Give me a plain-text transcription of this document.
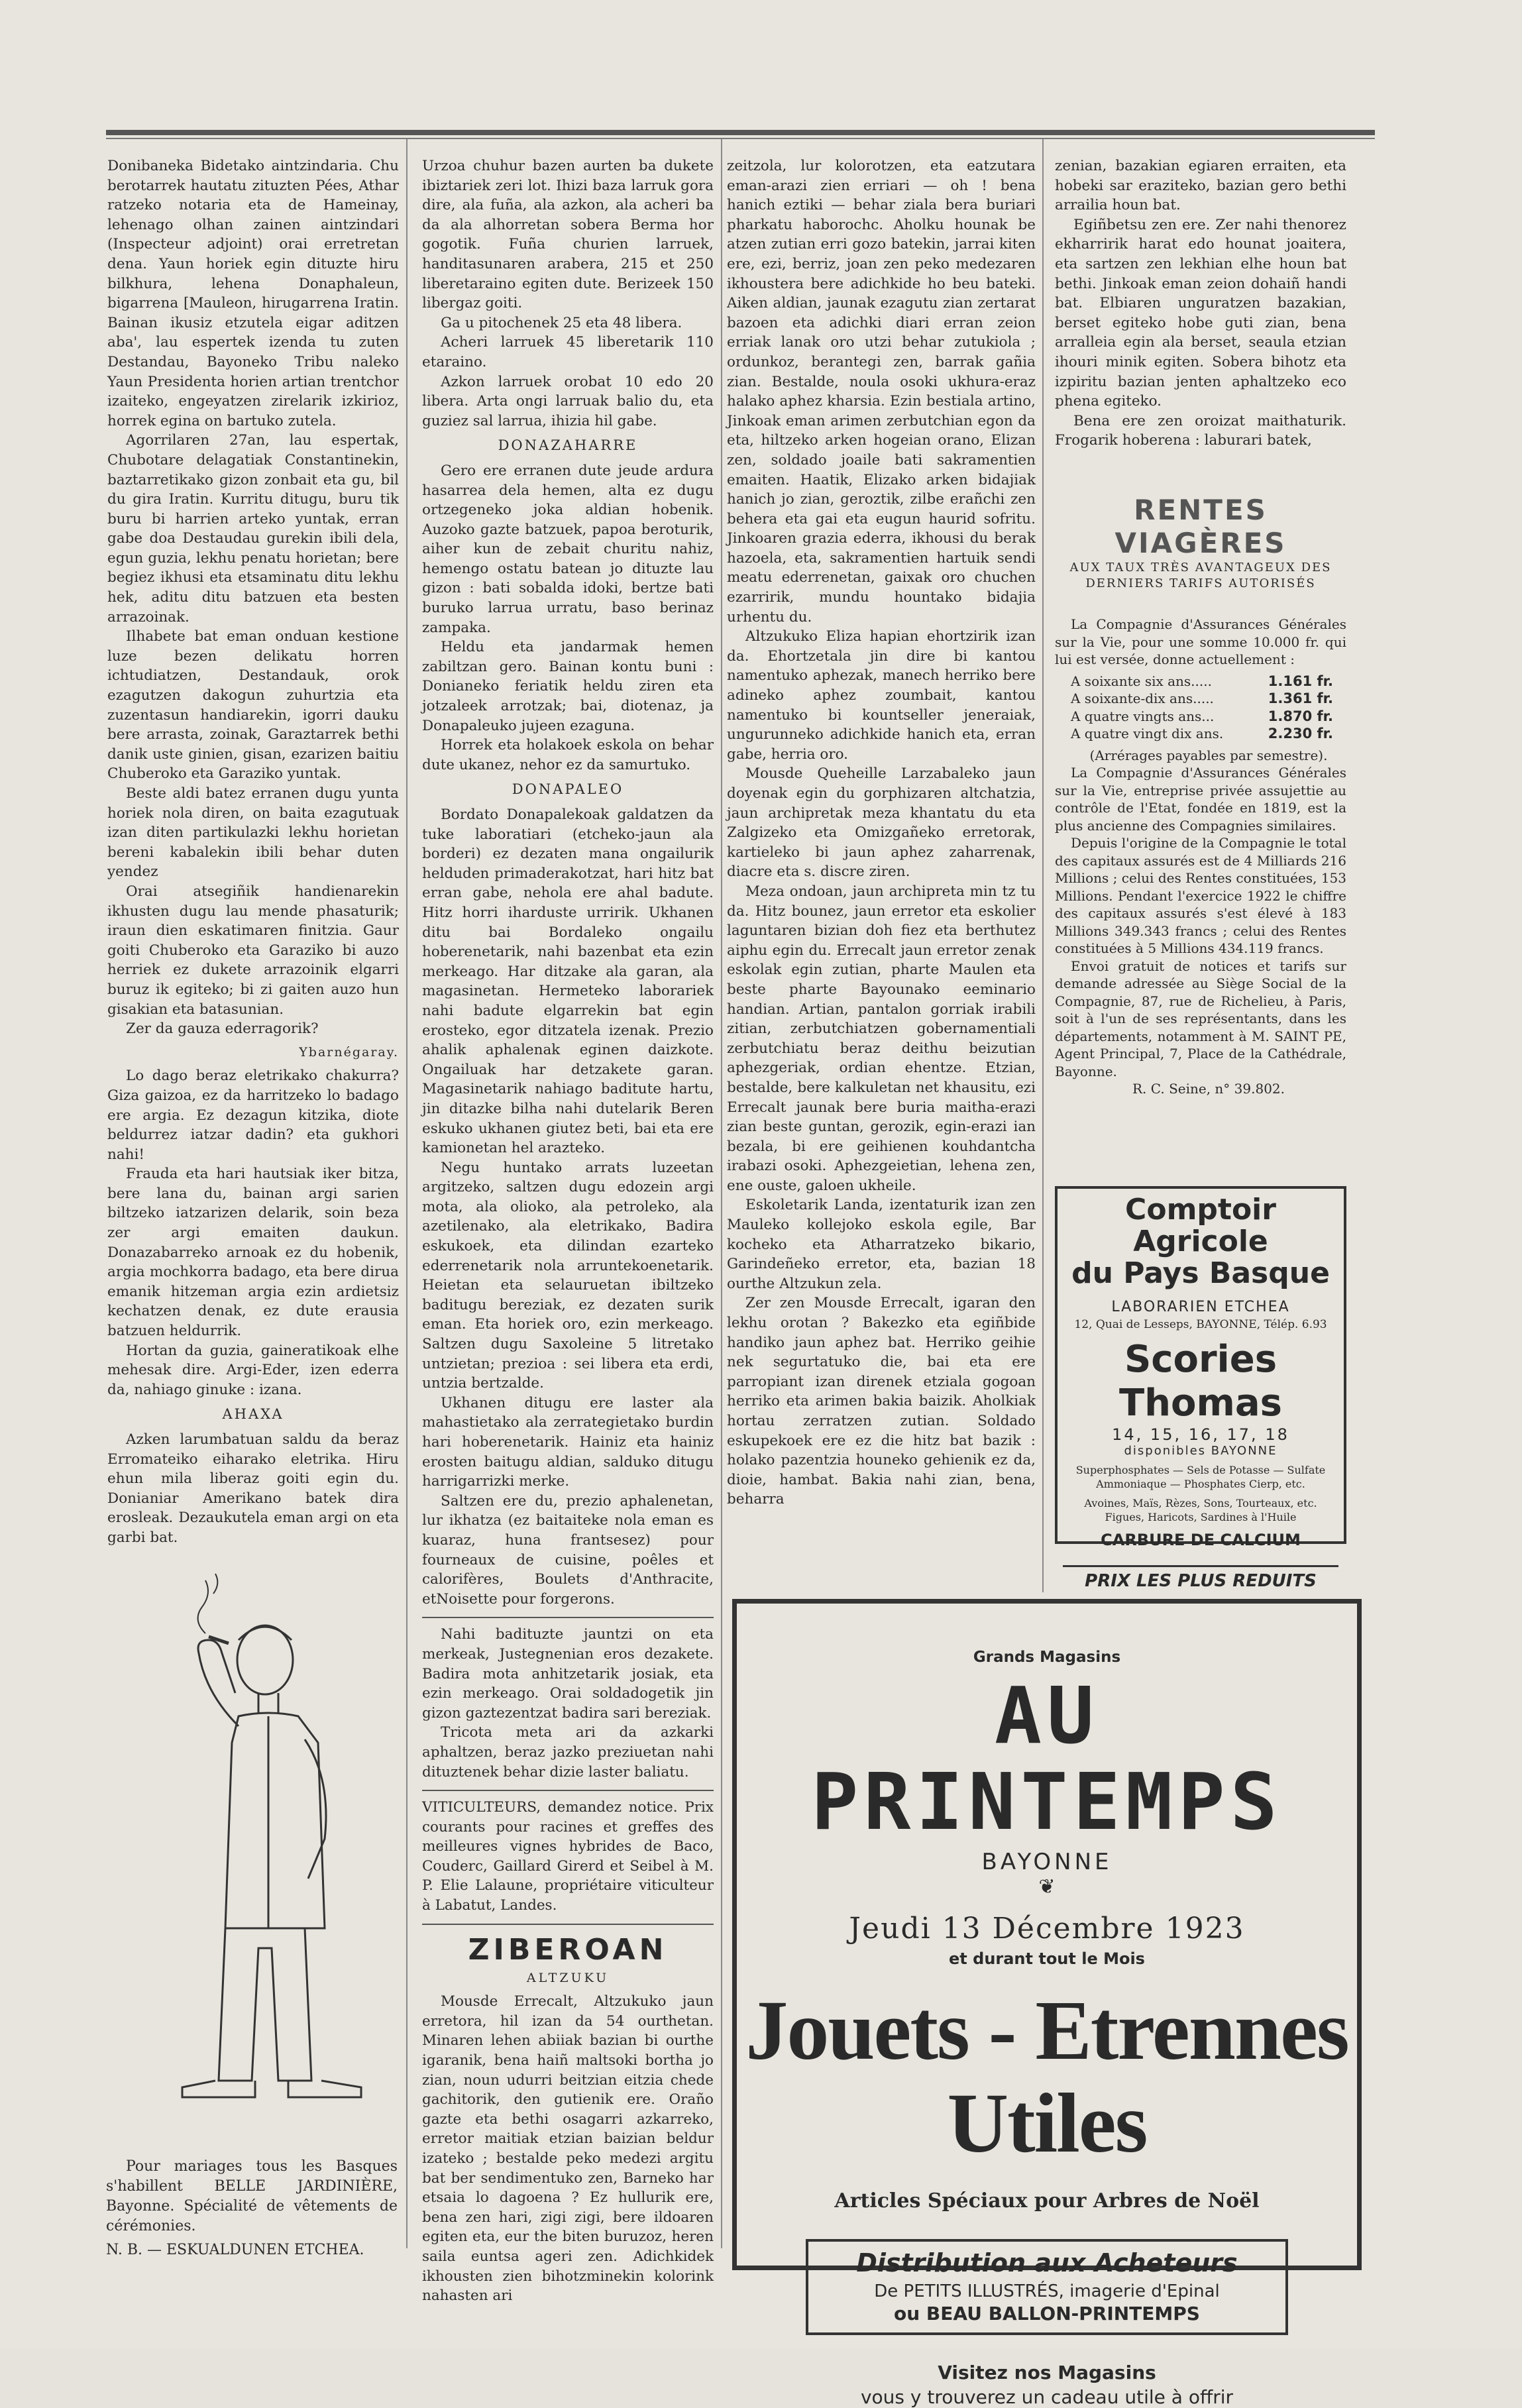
Donibaneka Bidetako aintzindaria. Chu berotarrek hautatu zituzten Pées, Athar ratzeko notaria eta de Hameinay, lehenago olhan zainen aintzindari (Inspecteur adjoint) orai erretretan dena. Yaun horiek egin dituzte hiru bilkhura, lehena Donaphaleun, bigarrena [Mauleon, hirugarrena Iratin. Bainan ikusiz etzutela eigar aditzen aba', lau espertek izenda tu zuten Destandau, Bayoneko Tribu naleko Yaun Presidenta horien artian trentchor izaiteko, engeyatzen zirelarik izkirioz, horrek egina on bartuko zutela.

Agorrilaren 27an, lau espertak, Chubotare delagatiak Constantinekin, baztarretikako gizon zonbait eta gu, bil du gira Iratin. Kurritu ditugu, buru tik buru bi harrien arteko yuntak, erran gabe doa Destaudau gurekin ibili dela, egun guzia, lekhu penatu horietan; bere begiez ikhusi eta etsaminatu ditu lekhu hek, aditu ditu batzuen eta besten arrazoinak.

Ilhabete bat eman onduan kestione luze bezen delikatu horren ichtudiatzen, Destandauk, orok ezagutzen dakogun zuhurtzia eta zuzentasun handiarekin, igorri dauku bere arrasta, zoinak, Garaztarrek bethi danik uste ginien, gisan, ezarizen baitiu Chuberoko eta Garaziko yuntak.

Beste aldi batez erranen dugu yunta horiek nola diren, on baita ezagutuak izan diten partikulazki lekhu horietan bereni kabalekin ibili behar duten yendez

Orai atsegiñik handienarekin ikhusten dugu lau mende phasaturik; iraun dien eskatimaren finitzia. Gaur goiti Chuberoko eta Garaziko bi auzo herriek ez dukete arrazoinik elgarri buruz ik egiteko; bi zi gaiten auzo hun gisakian eta batasunian.

Zer da gauza ederragorik?

Ybarnégaray.

Lo dago beraz eletrikako chakurra? Giza gaizoa, ez da harritzeko lo badago ere argia. Ez dezagun kitzika, diote beldurrez iatzar dadin? eta gukhori nahi!

Frauda eta hari hautsiak iker bitza, bere lana du, bainan argi sarien biltzeko iatzarizen delarik, soin beza zer argi emaiten daukun. Donazabarreko arnoak ez du hobenik, argia mochkorra badago, eta bere dirua emanik hitzeman argia ezin ardietsiz kechatzen denak, ez dute erausia batzuen heldurrik.

Hortan da guzia, gaineratikoak elhe mehesak dire. Argi-Eder, izen ederra da, nahiago ginuke : izana.

AHAXA

Azken larumbatuan saldu da beraz Erromateiko eiharako eletrika. Hiru ehun mila liberaz goiti egin du. Donianiar Amerikano batek dira erosleak. Dezaukutela eman argi on eta garbi bat.

Pour mariages tous les Basques s'habillent BELLE JARDINIÈRE, Bayonne. Spécialité de vêtements de cérémonies.

N. B. — ESKUALDUNEN ETCHEA.

Urzoa chuhur bazen aurten ba dukete ibiztariek zeri lot. Ihizi baza larruk gora dire, ala fuña, ala azkon, ala acheri ba da ala alhorretan sobera Berma hor gogotik. Fuña churien larruek, handitasunaren arabera, 215 et 250 liberetaraino egiten dute. Berizeek 150 libergaz goiti.

Ga u pitochenek 25 eta 48 libera.

Acheri larruek 45 liberetarik 110 etaraino.

Azkon larruek orobat 10 edo 20 libera. Arta ongi larruak balio du, eta guziez sal larrua, ihizia hil gabe.

DONAZAHARRE

Gero ere erranen dute jeude ardura hasarrea dela hemen, alta ez dugu ortzegeneko joka aldian hobenik. Auzoko gazte batzuek, papoa beroturik, aiher kun de zebait churitu nahiz, hemengo ostatu batean jo dituzte lau gizon : bati sobalda idoki, bertze bati buruko larrua urratu, baso berinaz zampaka.

Heldu eta jandarmak hemen zabiltzan gero. Bainan kontu buni : Donianeko feriatik heldu ziren eta jotzaleek arrotzak; bai, diotenaz, ja Donapaleuko jujeen ezaguna.

Horrek eta holakoek eskola on behar dute ukanez, nehor ez da samurtuko.

DONAPALEO

Bordato Donapalekoak galdatzen da tuke laboratiari (etcheko-jaun ala borderi) ez dezaten mana ongailurik helduden primaderakotzat, hari hitz bat erran gabe, nehola ere ahal badute. Hitz horri iharduste urririk. Ukhanen ditu bai Bordaleko ongailu hoberenetarik, nahi bazenbat eta ezin merkeago. Har ditzake ala garan, ala magasinetan. Hermeteko laborariek nahi badute elgarrekin bat egin erosteko, egor ditzatela izenak. Prezio ahalik aphalenak eginen daizkote. Ongailuak har detzakete garan. Magasinetarik nahiago baditute hartu, jin ditazke bilha nahi dutelarik Beren eskuko ukhanen giutez beti, bai eta ere kamionetan hel arazteko.

Negu huntako arrats luzeetan argitzeko, saltzen dugu edozein argi mota, ala olioko, ala petroleko, ala azetilenako, ala eletrikako, Badira eskukoek, eta dilindan ezarteko ederrenetarik nola arruntekoenetarik. Heietan eta selauruetan ibiltzeko baditugu bereziak, ez dezaten surik eman. Eta horiek oro, ezin merkeago. Saltzen dugu Saxoleine 5 litretako untzietan; prezioa : sei libera eta erdi, untzia bertzalde.

Ukhanen ditugu ere laster ala mahastietako ala zerrategietako burdin hari hoberenetarik. Hainiz eta hainiz erosten baitugu aldian, salduko ditugu harrigarrizki merke.

Saltzen ere du, prezio aphalenetan, lur ikhatza (ez baitaiteke nola eman es kuaraz, huna frantsesez) pour fourneaux de cuisine, poêles et calorifères, Boulets d'Anthracite, etNoisette pour forgerons.

Nahi badituzte jauntzi on eta merkeak, Justegnenian eros dezakete. Badira mota anhitzetarik josiak, eta ezin merkeago. Orai soldadogetik jin gizon gaztezentzat badira sari bereziak.

Tricota meta ari da azkarki aphaltzen, beraz jazko preziuetan nahi dituztenek behar dizie laster baliatu.

VITICULTEURS, demandez notice. Prix courants pour racines et greffes des meilleures vignes hybrides de Baco, Couderc, Gaillard Girerd et Seibel à M. P. Elie Lalaune, propriétaire viticulteur à Labatut, Landes.

ZIBEROAN

ALTZUKU

Mousde Errecalt, Altzukuko jaun erretora, hil izan da 54 ourthetan. Minaren lehen abiiak bazian bi ourthe igaranik, bena haiñ maltsoki bortha jo zian, noun udurri beitzian eitzia chede gachitorik, den gutienik ere. Oraño gazte eta bethi osagarri azkarreko, erretor maitiak etzian baizian beldur izateko ; bestalde peko medezi argitu bat ber sendimentuko zen, Barneko har etsaia lo dagoena ? Ez hullurik ere, bena zen hari, zigi zigi, bere ildoaren egiten eta, eur the biten buruzoz, heren saila euntsa ageri zen. Adichkidek ikhousten zien bihotzminekin kolorink nahasten ari

zeitzola, lur kolorotzen, eta eatzutara eman-arazi zien erriari — oh ! bena hanich eztiki — behar ziala bera buriari pharkatu haborochc. Aholku hounak be atzen zutian erri gozo batekin, jarrai kiten ere, ezi, berriz, joan zen peko medezaren ikhoustera bere adichkide ho beu bateki. Aiken aldian, jaunak ezagutu zian zertarat bazoen eta adichki diari erran zeion erriak lanak oro utzi behar zutukiola ; ordunkoz, berantegi zen, barrak gañia zian. Bestalde, noula osoki ukhura-eraz halako aphez kharsia. Ezin bestiala artino, Jinkoak eman arimen zerbutchian egon da eta, hiltzeko arken hogeian orano, Elizan zen, soldado joaile bati sakramentien emaiten. Haatik, Elizako arken bidajiak hanich jo zian, geroztik, zilbe erañchi zen behera eta gai eta eugun haurid sofritu. Jinkoaren grazia ederra, ikhousi du berak hazoela, eta, sakramentien hartuik sendi meatu ederrenetan, gaixak oro chuchen ezarririk, mundu hountako bidajia urhentu du.

Altzukuko Eliza hapian ehortzirik izan da. Ehortzetala jin dire bi kantou namentuko aphezak, manech herriko bere adineko aphez zoumbait, kantou namentuko bi kountseller jeneraiak, ungurunneko adichkide hanich eta, erran gabe, herria oro.

Mousde Queheille Larzabaleko jaun doyenak egin du gorphizaren altchatzia, jaun archipretak meza khantatu du eta Zalgizeko eta Omizgañeko erretorak, kartieleko bi jaun aphez zaharrenak, diacre eta s. discre ziren.

Meza ondoan, jaun archipreta min tz tu da. Hitz bounez, jaun erretor eta eskolier laguntaren bizian doh fiez eta berthutez aiphu egin du. Errecalt jaun erretor zenak eskolak egin zutian, pharte Maulen eta beste pharte Bayounako eeminario handian. Artian, pantalon gorriak irabili zitian, zerbutchiatzen gobernamentiali zerbutchiatu beraz deithu beizutian aphezgeriak, ordian ehentze. Etzian, bestalde, bere kalkuletan net khausitu, ezi Errecalt jaunak bere buria maitha-erazi zian beste guntan, gerozik, egin-erazi ian bezala, bi ere geihienen kouhdantcha irabazi osoki. Aphezgeietian, lehena zen, ene ouste, galoen ukheile.

Eskoletarik Landa, izentaturik izan zen Mauleko kollejoko eskola egile, Bar kocheko eta Atharratzeko bikario, Garindeñeko erretor, eta, bazian 18 ourthe Altzukun zela.

Zer zen Mousde Errecalt, igaran den lekhu orotan ? Bakezko eta egiñbide handiko jaun aphez bat. Herriko geihie nek segurtatuko die, bai eta ere parropiant izan direnek etziala gogoan herriko eta arimen bakia baizik. Aholkiak hortau zerratzen zutian. Soldado eskupekoek ere ez die hitz bat bazik : holako pazentzia houneko gehienik ez da, dioie, hambat. Bakia nahi zian, bena, beharra

zenian, bazakian egiaren erraiten, eta hobeki sar eraziteko, bazian gero bethi arrailia houn bat.

Egiñbetsu zen ere. Zer nahi thenorez ekharririk harat edo hounat joaitera, eta sartzen zen lekhian elhe houn bat bethi. Jinkoak eman zeion dohaiñ handi bat. Elbiaren unguratzen bazakian, berset egiteko hobe guti zian, bena arralleia egin ala berset, seaula etzian ihouri minik egiten. Sobera bihotz eta izpiritu bazian jenten aphaltzeko eco phena egiteko.

Bena ere zen oroizat maithaturik. Frogarik hoberena : laburari batek,

RENTES VIAGÈRES
AUX TAUX TRÈS AVANTAGEUX DES
DERNIERS TARIFS AUTORISÉS

La Compagnie d'Assurances Générales sur la Vie, pour une somme 10.000 fr. qui lui est versée, donne actuellement :

A soixante six ans.....	1.161 fr.
A soixante-dix ans.....	1.361 fr.
A quatre vingts ans...	1.870 fr.
A quatre vingt dix ans.	2.230 fr.

(Arrérages payables par semestre).

La Compagnie d'Assurances Générales sur la Vie, entreprise privée assujettie au contrôle de l'Etat, fondée en 1819, est la plus ancienne des Compagnies similaires.

Depuis l'origine de la Compagnie le total des capitaux assurés est de 4 Milliards 216 Millions ; celui des Rentes constituées, 153 Millions. Pendant l'exercice 1922 le chiffre des capitaux assurés s'est élevé à 183 Millions 349.343 francs ; celui des Rentes constituées à 5 Millions 434.119 francs.

Envoi gratuit de notices et tarifs sur demande adressée au Siège Social de la Compagnie, 87, rue de Richelieu, à Paris, soit à l'un de ses représentants, dans les départements, notamment à M. SAINT PE, Agent Principal, 7, Place de la Cathédrale, Bayonne.

R. C. Seine, n° 39.802.

Comptoir Agricole
du Pays Basque
LABORARIEN ETCHEA
12, Quai de Lesseps, BAYONNE, Télép. 6.93
Scories Thomas
14, 15, 16, 17, 18
disponibles BAYONNE
Superphosphates — Sels de Potasse — Sulfate Ammoniaque — Phosphates Cierp, etc.
Avoines, Maïs, Rèzes, Sons, Tourteaux, etc.
Figues, Haricots, Sardines à l'Huile
CARBURE DE CALCIUM
PRIX LES PLUS REDUITS
Grands Magasins
AU PRINTEMPS
BAYONNE
❦
Jeudi 13 Décembre 1923
et durant tout le Mois
Jouets - Etrennes Utiles
Articles Spéciaux pour Arbres de Noël
Distribution aux Acheteurs
De PETITS ILLUSTRÉS, imagerie d'Epinal
ou BEAU BALLON-PRINTEMPS
Visitez nos Magasins
vous y trouverez un cadeau utile à offrir
